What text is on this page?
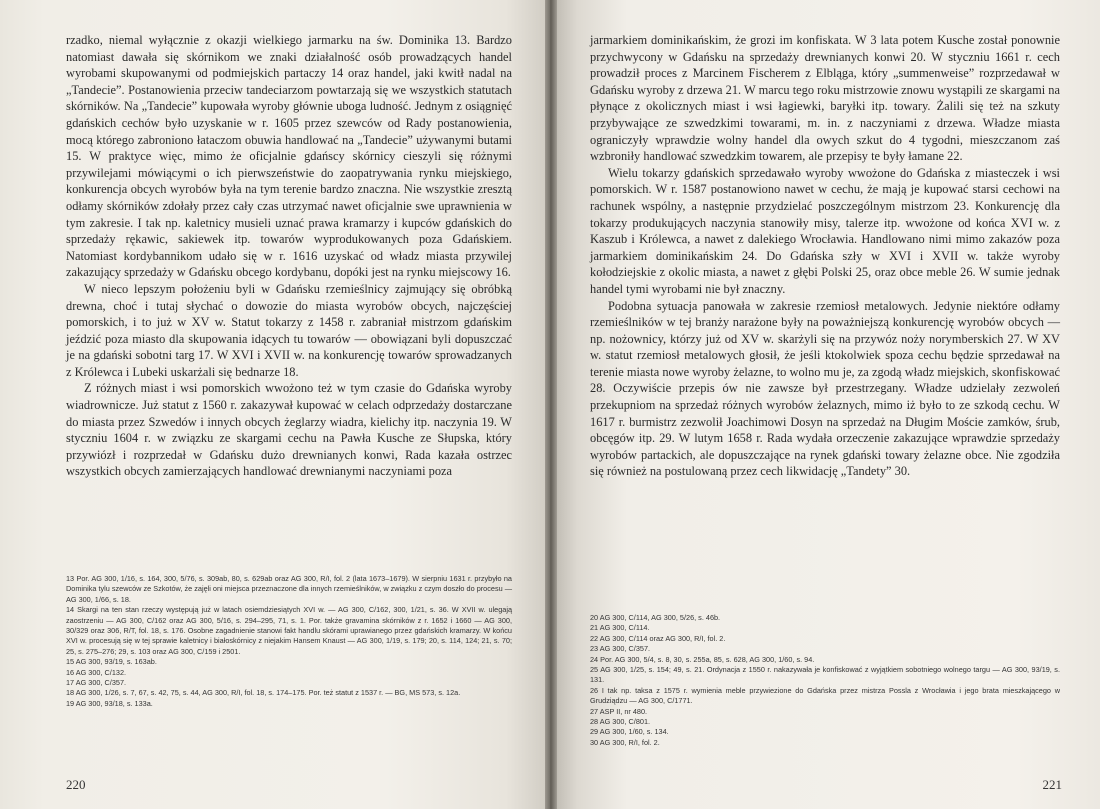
rzadko, niemal wyłącznie z okazji wielkiego jarmarku na św. Dominika 13. Bardzo natomiast dawała się skórnikom we znaki działalność osób prowadzących handel wyrobami skupowanymi od podmiejskich partaczy 14 oraz handel, jaki kwitł nadal na „Tandecie”. Postanowienia przeciw tandeciarzom powtarzają się we wszystkich statutach skórników. Na „Tandecie” kupowała wyroby głównie uboga ludność. Jednym z osiągnięć gdańskich cechów było uzyskanie w r. 1605 przez szewców od Rady postanowienia, mocą którego zabroniono łataczom obuwia handlować na „Tandecie” używanymi butami 15. W praktyce więc, mimo że oficjalnie gdańscy skórnicy cieszyli się różnymi przywilejami mówiącymi o ich pierwszeństwie do zaopatrywania rynku miejskiego, konkurencja obcych wyrobów była na tym terenie bardzo znaczna. Nie wszystkie zresztą odłamy skórników zdołały przez cały czas utrzymać nawet oficjalnie swe uprawnienia w tym zakresie. I tak np. kaletnicy musieli uznać prawa kramarzy i kupców gdańskich do sprzedaży rękawic, sakiewek itp. towarów wyprodukowanych poza Gdańskiem. Natomiast kordybannikom udało się w r. 1616 uzyskać od władz miasta przywilej zakazujący sprzedaży w Gdańsku obcego kordybanu, dopóki jest na rynku miejscowy 16.

W nieco lepszym położeniu byli w Gdańsku rzemieślnicy zajmujący się obróbką drewna, choć i tutaj słychać o dowozie do miasta wyrobów obcych, najczęściej pomorskich, i to już w XV w. Statut tokarzy z 1458 r. zabraniał mistrzom gdańskim jeździć poza miasto dla skupowania idących tu towarów — obowiązani byli dopuszczać je na gdański sobotni targ 17. W XVI i XVII w. na konkurencję towarów sprowadzanych z Królewca i Lubeki uskarżali się bednarze 18.

Z różnych miast i wsi pomorskich wwożono też w tym czasie do Gdańska wyroby wiadrownicze. Już statut z 1560 r. zakazywał kupować w celach odprzedaży dostarczane do miasta przez Szwedów i innych obcych żeglarzy wiadra, kielichy itp. naczynia 19. W styczniu 1604 r. w związku ze skargami cechu na Pawła Kusche ze Słupska, który przywiózł i rozprzedał w Gdańsku dużo drewnianych konwi, Rada kazała ostrzec wszystkich obcych zamierzających handlować drewnianymi naczyniami poza

13 Por. AG 300, 1/16, s. 164, 300, 5/76, s. 309ab, 80, s. 629ab oraz AG 300, R/I, fol. 2 (lata 1673–1679). W sierpniu 1631 r. przybyło na Dominika tylu szewców ze Szkotów, że zajęli oni miejsca przeznaczone dla innych rzemieślników, w związku z czym doszło do procesu — AG 300, 1/66, s. 18.

14 Skargi na ten stan rzeczy występują już w latach osiemdziesiątych XVI w. — AG 300, C/162, 300, 1/21, s. 36. W XVII w. ulegają zaostrzeniu — AG 300, C/162 oraz AG 300, 5/16, s. 294–295, 71, s. 1. Por. także gravamina skórników z r. 1652 i 1660 — AG 300, 30/329 oraz 306, R/T, fol. 18, s. 176. Osobne zagadnienie stanowi fakt handlu skórami uprawianego przez gdańskich kramarzy. W końcu XVI w. procesują się w tej sprawie kaletnicy i białoskórnicy z niejakim Hansem Knaust — AG 300, 1/19, s. 179; 20, s. 114, 124; 21, s. 70; 25, s. 275–276; 29, s. 103 oraz AG 300, C/159 i 2501.

15 AG 300, 93/19, s. 163ab.

16 AG 300, C/132.

17 AG 300, C/357.

18 AG 300, 1/26, s. 7, 67, s. 42, 75, s. 44, AG 300, R/I, fol. 18, s. 174–175. Por. też statut z 1537 r. — BG, MS 573, s. 12a.

19 AG 300, 93/18, s. 133a.

220

jarmarkiem dominikańskim, że grozi im konfiskata. W 3 lata potem Kusche został ponownie przychwycony w Gdańsku na sprzedaży drewnianych konwi 20. W styczniu 1661 r. cech prowadził proces z Marcinem Fischerem z Elbląga, który „summenweise” rozprzedawał w Gdańsku wyroby z drzewa 21. W marcu tego roku mistrzowie znowu wystąpili ze skargami na płynące z okolicznych miast i wsi łagiewki, baryłki itp. towary. Żalili się też na szkuty przybywające ze szwedzkimi towarami, m. in. z naczyniami z drzewa. Władze miasta ograniczyły wprawdzie wolny handel dla owych szkut do 4 tygodni, mieszczanom zaś wzbroniły handlować szwedzkim towarem, ale przepisy te były łamane 22.

Wielu tokarzy gdańskich sprzedawało wyroby wwożone do Gdańska z miasteczek i wsi pomorskich. W r. 1587 postanowiono nawet w cechu, że mają je kupować starsi cechowi na rachunek wspólny, a następnie przydzielać poszczególnym mistrzom 23. Konkurencję dla tokarzy produkujących naczynia stanowiły misy, talerze itp. wwożone od końca XVI w. z Kaszub i Królewca, a nawet z dalekiego Wrocławia. Handlowano nimi mimo zakazów poza jarmarkiem dominikańskim 24. Do Gdańska szły w XVI i XVII w. także wyroby kołodziejskie z okolic miasta, a nawet z głębi Polski 25, oraz obce meble 26. W sumie jednak handel tymi wyrobami nie był znaczny.

Podobna sytuacja panowała w zakresie rzemiosł metalowych. Jedynie niektóre odłamy rzemieślników w tej branży narażone były na poważniejszą konkurencję wyrobów obcych — np. nożownicy, którzy już od XV w. skarżyli się na przywóz noży norymberskich 27. W XV w. statut rzemiosł metalowych głosił, że jeśli ktokolwiek spoza cechu będzie sprzedawał na terenie miasta nowe wyroby żelazne, to wolno mu je, za zgodą władz miejskich, skonfiskować 28. Oczywiście przepis ów nie zawsze był przestrzegany. Władze udzielały zezwoleń przekupniom na sprzedaż różnych wyrobów żelaznych, mimo iż było to ze szkodą cechu. W 1617 r. burmistrz zezwolił Joachimowi Dosyn na sprzedaż na Długim Moście zamków, śrub, obcęgów itp. 29. W lutym 1658 r. Rada wydała orzeczenie zakazujące wprawdzie sprzedaży wyrobów partackich, ale dopuszczające na rynek gdański towary żelazne obce. Nie zgodziła się również na postulowaną przez cech likwidację „Tandety” 30.

20 AG 300, C/114, AG 300, 5/26, s. 46b.

21 AG 300, C/114.

22 AG 300, C/114 oraz AG 300, R/I, fol. 2.

23 AG 300, C/357.

24 Por. AG 300, 5/4, s. 8, 30, s. 255a, 85, s. 628, AG 300, 1/60, s. 94.

25 AG 300, 1/25, s. 154; 49, s. 21. Ordynacja z 1550 r. nakazywała je konfiskować z wyjątkiem sobotniego wolnego targu — AG 300, 93/19, s. 131.

26 I tak np. taksa z 1575 r. wymienia meble przywiezione do Gdańska przez mistrza Possla z Wrocławia i jego brata mieszkającego w Grudziądzu — AG 300, C/1771.

27 ASP II, nr 480.

28 AG 300, C/801.

29 AG 300, 1/60, s. 134.

30 AG 300, R/I, fol. 2.

221
